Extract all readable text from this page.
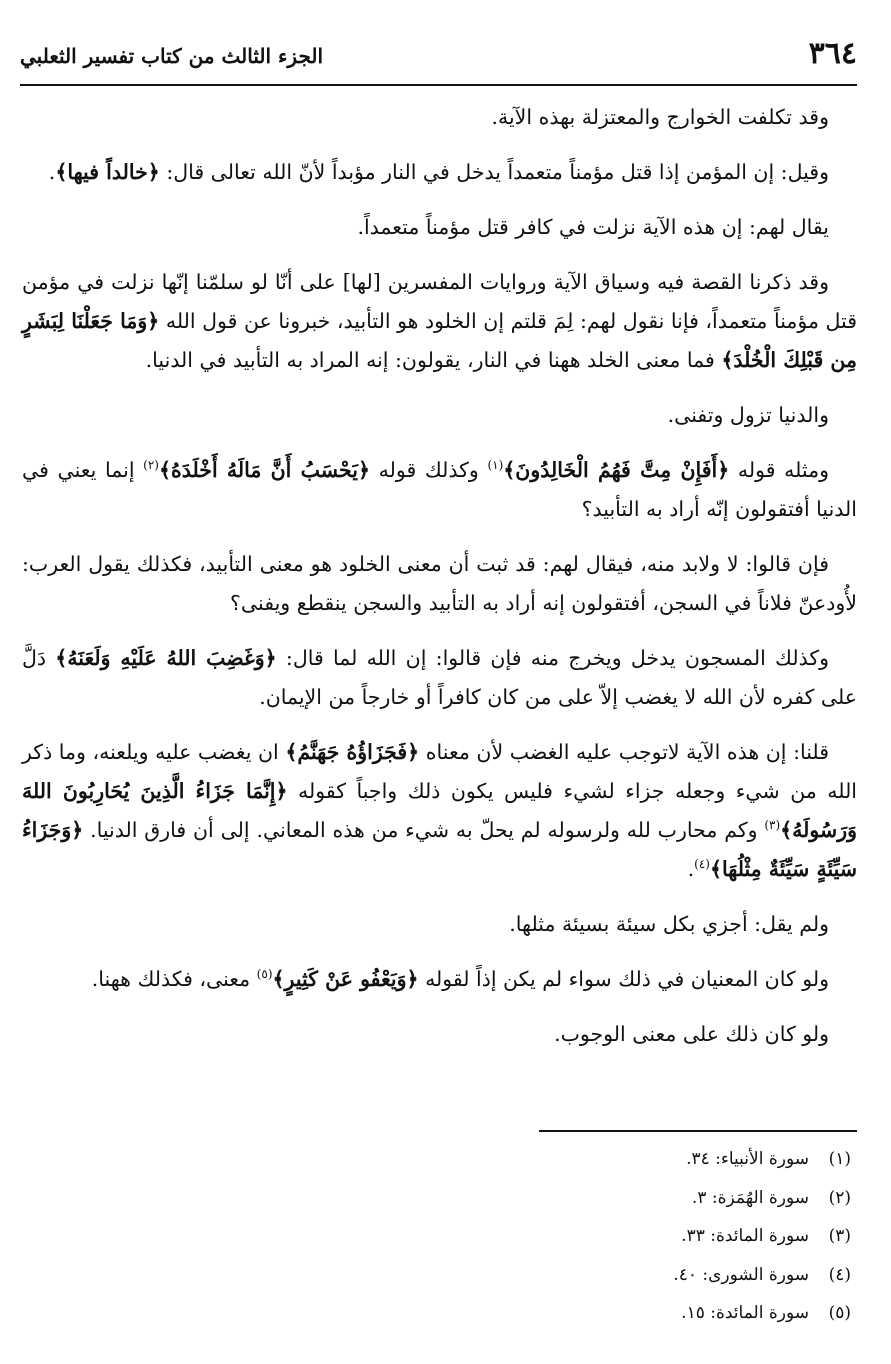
٣٦٤
الجزء الثالث من كتاب تفسير الثعلبي

وقد تكلفت الخوارج والمعتزلة بهذه الآية.

وقيل: إن المؤمن إذا قتل مؤمناً متعمداً يدخل في النار مؤبداً لأنّ الله تعالى قال: ﴿خالداً فيها﴾.

يقال لهم: إن هذه الآية نزلت في كافر قتل مؤمناً متعمداً.

وقد ذكرنا القصة فيه وسياق الآية وروايات المفسرين [لها] على أنّا لو سلمّنا إنّها نزلت في مؤمن قتل مؤمناً متعمداً، فإنا نقول لهم: لِمَ قلتم إن الخلود هو التأبيد، خبرونا عن قول الله ﴿وَمَا جَعَلْنَا لِبَشَرٍ مِن قَبْلِكَ الْخُلْدَ﴾ فما معنى الخلد ههنا في النار، يقولون: إنه المراد به التأبيد في الدنيا.

والدنيا تزول وتفنى.

ومثله قوله ﴿أَفَإِنْ مِتَّ فَهُمُ الْخَالِدُونَ﴾$^{(١)}$ وكذلك قوله ﴿يَحْسَبُ أَنَّ مَالَهُ أَخْلَدَهُ﴾$^{(٢)}$ إنما يعني في الدنيا أفتقولون إنّه أراد به التأبيد؟

فإن قالوا: لا ولابد منه، فيقال لهم: قد ثبت أن معنى الخلود هو معنى التأبيد، فكذلك يقول العرب: لأُودعنّ فلاناً في السجن، أفتقولون إنه أراد به التأبيد والسجن ينقطع ويفنى؟

وكذلك المسجون يدخل ويخرج منه فإن قالوا: إن الله لما قال: ﴿وَغَضِبَ اللهُ عَلَيْهِ وَلَعَنَهُ﴾ دَلَّ على كفره لأن الله لا يغضب إلاّ على من كان كافراً أو خارجاً من الإيمان.

قلنا: إن هذه الآية لاتوجب عليه الغضب لأن معناه ﴿فَجَزَاؤُهُ جَهَنَّمُ﴾ ان يغضب عليه ويلعنه، وما ذكر الله من شيء وجعله جزاء لشيء فليس يكون ذلك واجباً كقوله ﴿إِنَّمَا جَزَاءُ الَّذِينَ يُحَارِبُونَ اللهَ وَرَسُولَهُ﴾$^{(٣)}$ وكم محارب لله ولرسوله لم يحلّ به شيء من هذه المعاني. إلى أن فارق الدنيا. ﴿وَجَزَاءُ سَيِّئَةٍ سَيِّئَةٌ مِثْلُهَا﴾$^{(٤)}$.

ولم يقل: أجزي بكل سيئة بسيئة مثلها.

ولو كان المعنيان في ذلك سواء لم يكن إذاً لقوله ﴿وَيَعْفُو عَنْ كَثِيرٍ﴾$^{(٥)}$ معنى، فكذلك ههنا.

ولو كان ذلك على معنى الوجوب.

(١)سورة الأنبياء: ٣٤.
(٢)سورة الهُمَزة: ٣.
(٣)سورة المائدة: ٣٣.
(٤)سورة الشورى: ٤٠.
(٥)سورة المائدة: ١٥.
